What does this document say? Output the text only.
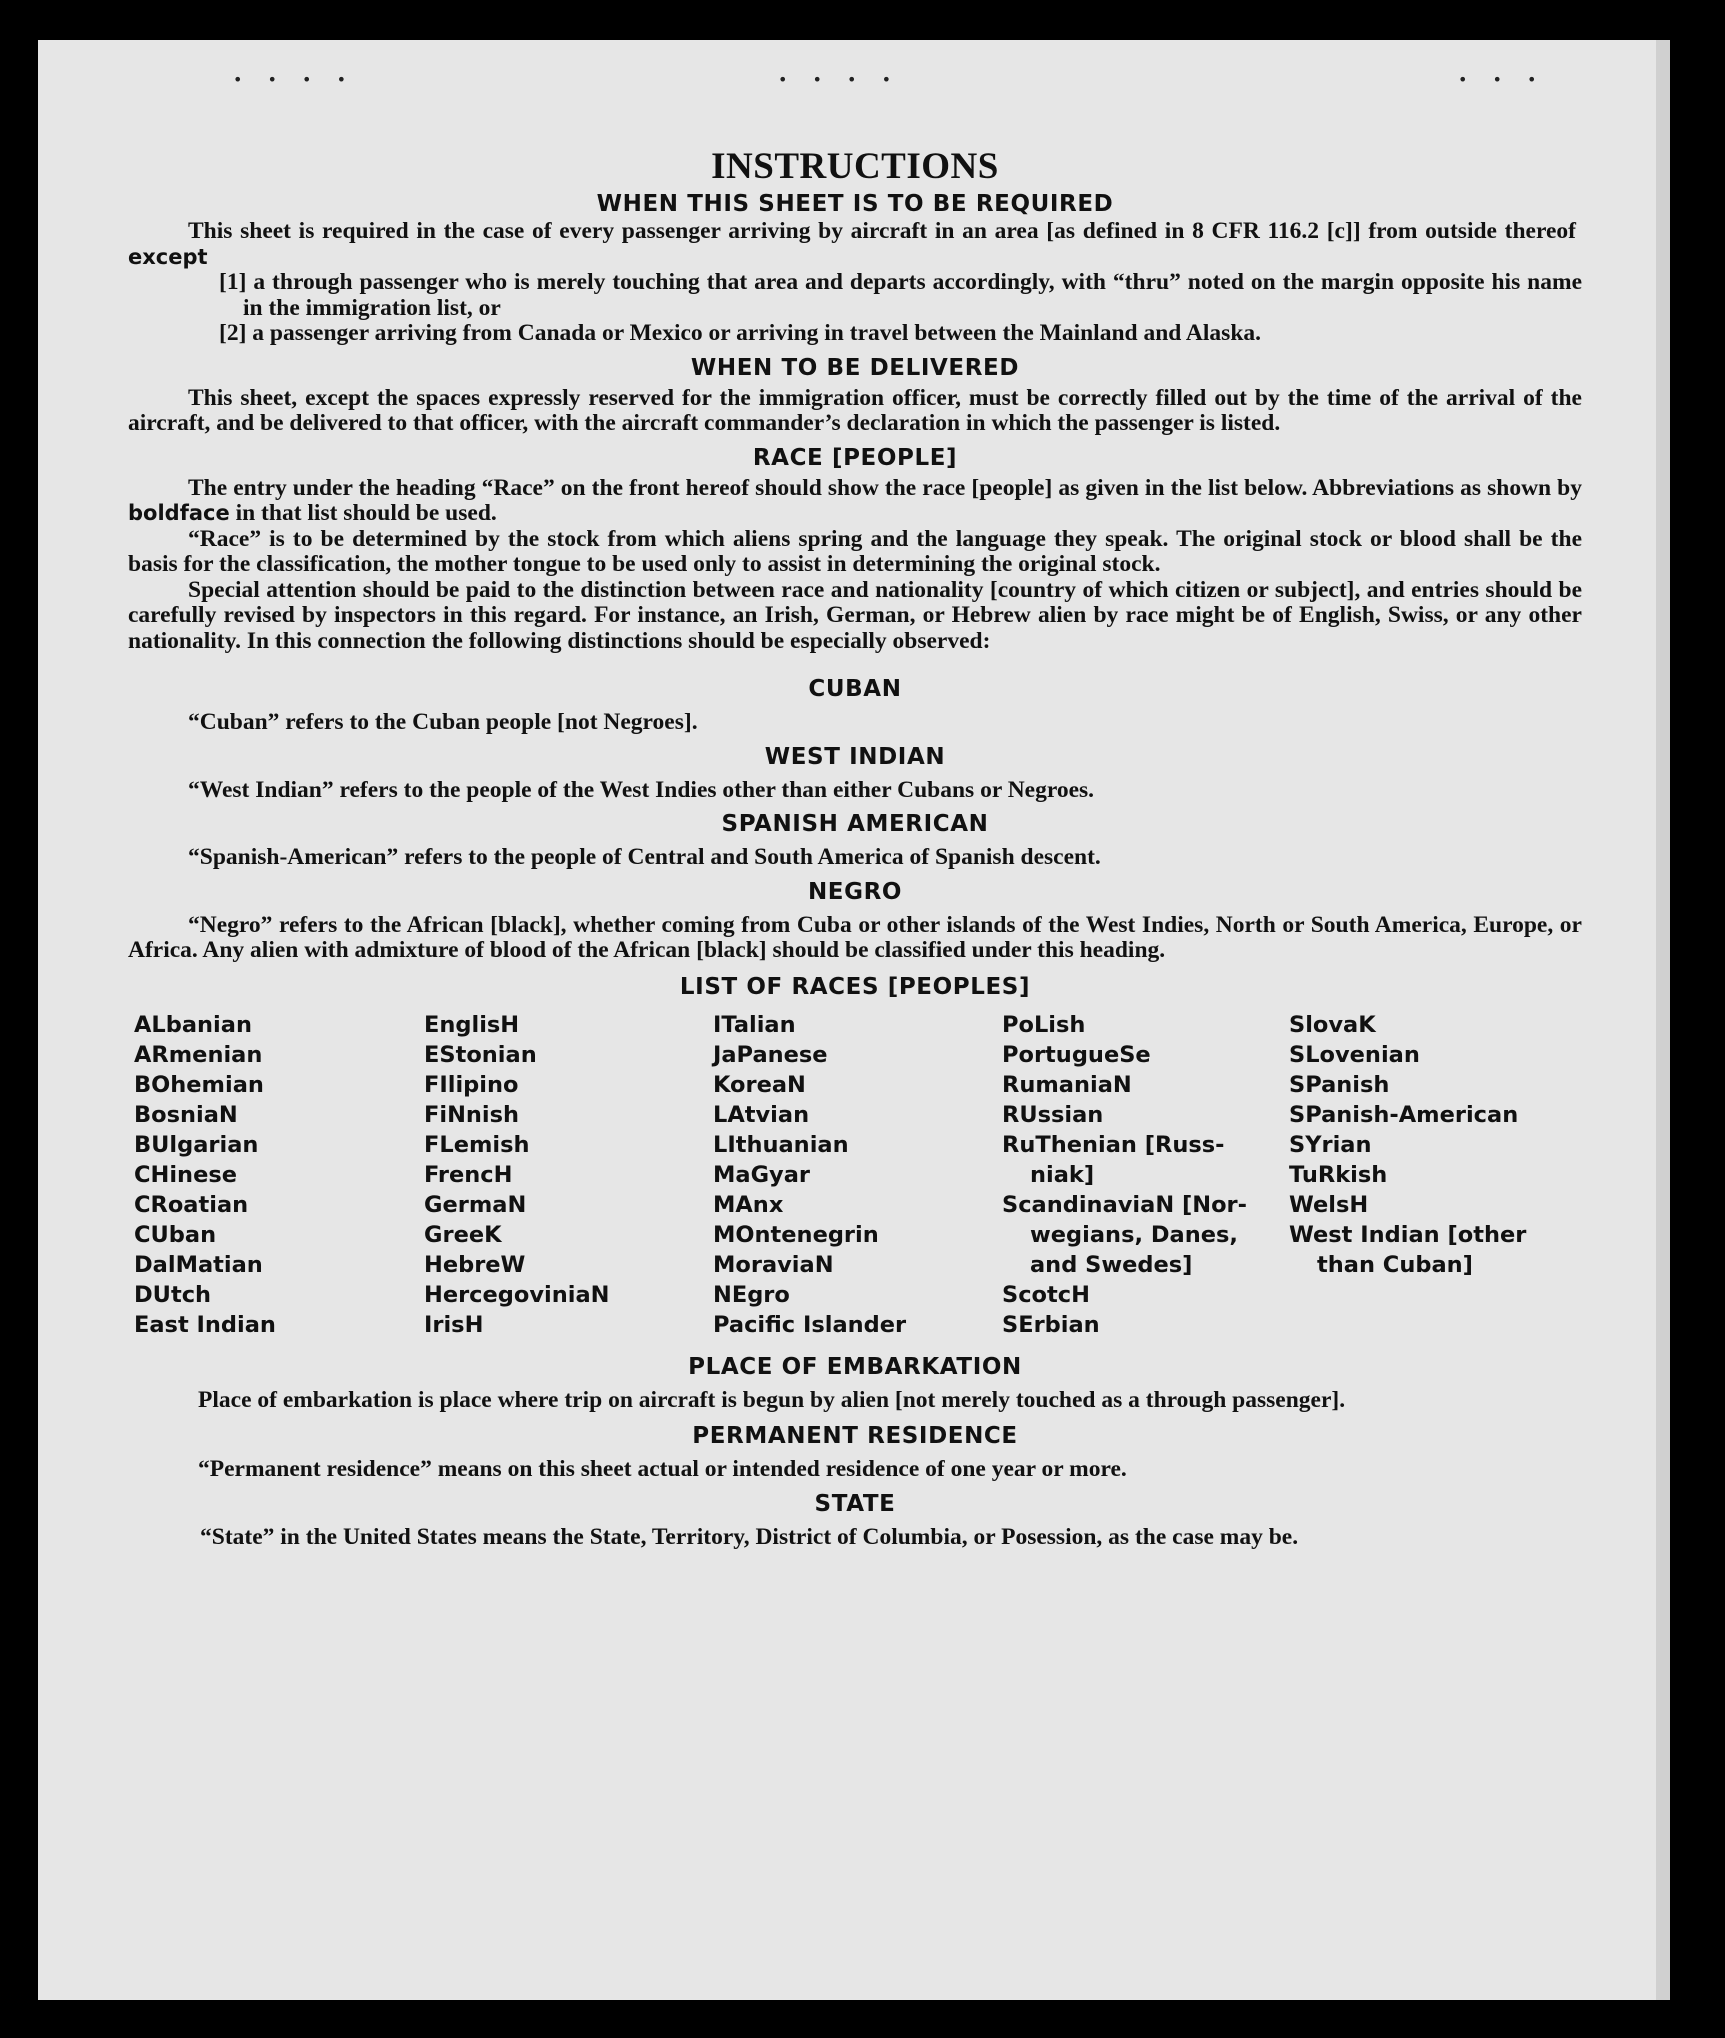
• • • •	• • • •	• • •
INSTRUCTIONS
WHEN THIS SHEET IS TO BE REQUIRED

This sheet is required in the case of every passenger arriving by aircraft in an area [as defined in 8 CFR 116.2 [c]] from outside thereof except

[1] a through passenger who is merely touching that area and departs accordingly, with “thru” noted on the margin opposite his name in the immigration list, or

[2] a passenger arriving from Canada or Mexico or arriving in travel between the Mainland and Alaska.

WHEN TO BE DELIVERED

This sheet, except the spaces expressly reserved for the immigration officer, must be correctly filled out by the time of the arrival of the aircraft, and be delivered to that officer, with the aircraft commander’s declaration in which the passenger is listed.

RACE [PEOPLE]

The entry under the heading “Race” on the front hereof should show the race [people] as given in the list below. Abbreviations as shown by boldface in that list should be used.

“Race” is to be determined by the stock from which aliens spring and the language they speak. The original stock or blood shall be the basis for the classification, the mother tongue to be used only to assist in determining the original stock.

Special attention should be paid to the distinction between race and nationality [country of which citizen or subject], and entries should be carefully revised by inspectors in this regard. For instance, an Irish, German, or Hebrew alien by race might be of English, Swiss, or any other nationality. In this connection the following distinctions should be especially observed:

CUBAN

“Cuban” refers to the Cuban people [not Negroes].

WEST INDIAN

“West Indian” refers to the people of the West Indies other than either Cubans or Negroes.

SPANISH AMERICAN

“Spanish-American” refers to the people of Central and South America of Spanish descent.

NEGRO

“Negro” refers to the African [black], whether coming from Cuba or other islands of the West Indies, North or South America, Europe, or Africa. Any alien with admixture of blood of the African [black] should be classified under this heading.

LIST OF RACES [PEOPLES]
ALbanian
ARmenian
BOhemian
BosniaN
BUlgarian
CHinese
CRoatian
CUban
DalMatian
DUtch
East Indian
EnglisH
EStonian
FIlipino
FiNnish
FLemish
FrencH
GermaN
GreeK
HebreW
HercegoviniaN
IrisH
ITalian
JaPanese
KoreaN
LAtvian
LIthuanian
MaGyar
MAnx
MOntenegrin
MoraviaN
NEgro
Pacific Islander
PoLish
PortugueSe
RumaniaN
RUssian
RuThenian [Russ-
niak]
ScandinaviaN [Nor-
wegians, Danes,
and Swedes]
ScotcH
SErbian
SlovaK
SLovenian
SPanish
SPanish-American
SYrian
TuRkish
WelsH
West Indian [other
than Cuban]
PLACE OF EMBARKATION

Place of embarkation is place where trip on aircraft is begun by alien [not merely touched as a through passenger].

PERMANENT RESIDENCE

“Permanent residence” means on this sheet actual or intended residence of one year or more.

STATE

“State” in the United States means the State, Territory, District of Columbia, or Posession, as the case may be.
